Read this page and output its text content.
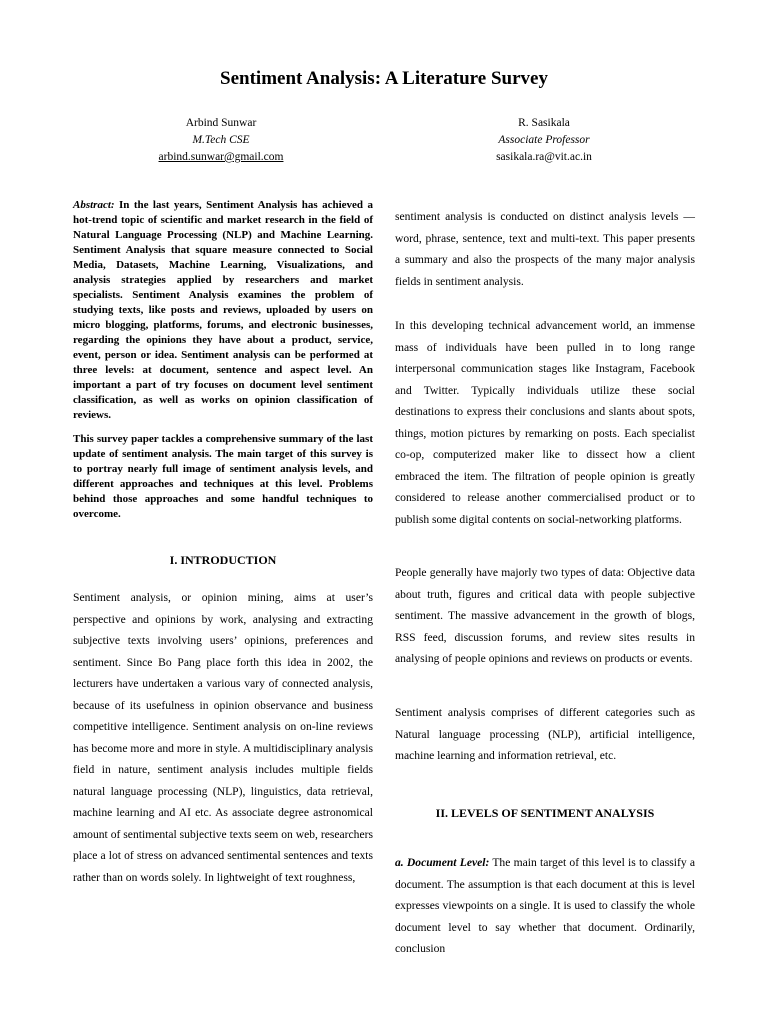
Sentiment Analysis: A Literature Survey
Arbind Sunwar
M.Tech CSE
arbind.sunwar@gmail.com
R. Sasikala
Associate Professor
sasikala.ra@vit.ac.in

Abstract: In the last years, Sentiment Analysis has achieved a hot-trend topic of scientific and market research in the field of Natural Language Processing (NLP) and Machine Learning. Sentiment Analysis that square measure connected to Social Media, Datasets, Machine Learning, Visualizations, and analysis strategies applied by researchers and market specialists. Sentiment Analysis examines the problem of studying texts, like posts and reviews, uploaded by users on micro blogging, platforms, forums, and electronic businesses, regarding the opinions they have about a product, service, event, person or idea. Sentiment analysis can be performed at three levels: at document, sentence and aspect level. An important a part of try focuses on document level sentiment classification, as well as works on opinion classification of reviews.

This survey paper tackles a comprehensive summary of the last update of sentiment analysis. The main target of this survey is to portray nearly full image of sentiment analysis levels, and different approaches and techniques at this level. Problems behind those approaches and some handful techniques to overcome.

I. INTRODUCTION

Sentiment analysis, or opinion mining, aims at user’s perspective and opinions by work, analysing and extracting subjective texts involving users’ opinions, preferences and sentiment. Since Bo Pang place forth this idea in 2002, the lecturers have undertaken a various vary of connected analysis, because of its usefulness in opinion observance and business competitive intelligence. Sentiment analysis on on-line reviews has become more and more in style. A multidisciplinary analysis field in nature, sentiment analysis includes multiple fields natural language processing (NLP), linguistics, data retrieval, machine learning and AI etc. As associate degree astronomical amount of sentimental subjective texts seem on web, researchers place a lot of stress on advanced sentimental sentences and texts rather than on words solely. In lightweight of text roughness,

sentiment analysis is conducted on distinct analysis levels —word, phrase, sentence, text and multi-text. This paper presents a summary and also the prospects of the many major analysis fields in sentiment analysis.

In this developing technical advancement world, an immense mass of individuals have been pulled in to long range interpersonal communication stages like Instagram, Facebook and Twitter. Typically individuals utilize these social destinations to express their conclusions and slants about spots, things, motion pictures by remarking on posts. Each specialist co-op, computerized maker like to dissect how a client embraced the item. The filtration of people opinion is greatly considered to release another commercialised product or to publish some digital contents on social-networking platforms.

People generally have majorly two types of data: Objective data about truth, figures and critical data with people subjective sentiment. The massive advancement in the growth of blogs, RSS feed, discussion forums, and review sites results in analysing of people opinions and reviews on products or events.

Sentiment analysis comprises of different categories such as Natural language processing (NLP), artificial intelligence, machine learning and information retrieval, etc.

II. LEVELS OF SENTIMENT ANALYSIS

a. Document Level: The main target of this level is to classify a document. The assumption is that each document at this is level expresses viewpoints on a single. It is used to classify the whole document level to say whether that document. Ordinarily, conclusion
